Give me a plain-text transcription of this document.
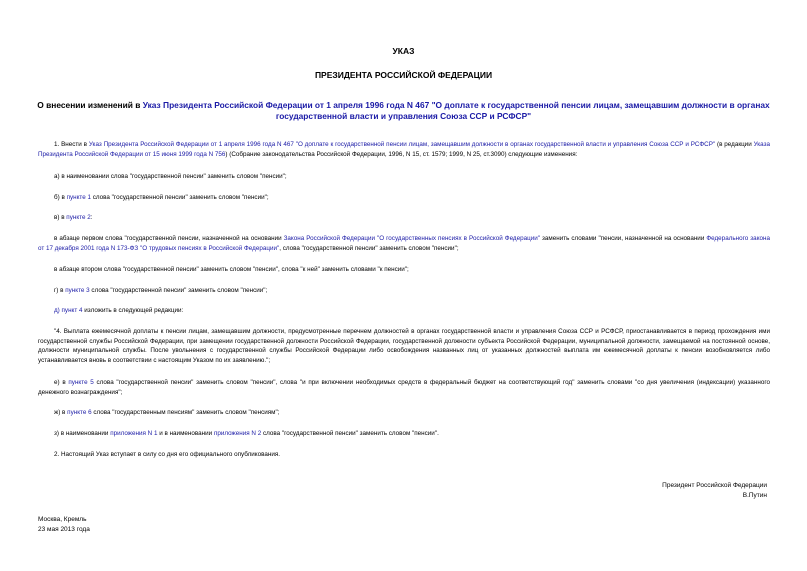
УКАЗ
ПРЕЗИДЕНТА РОССИЙСКОЙ ФЕДЕРАЦИИ
О внесении изменений в Указ Президента Российской Федерации от 1 апреля 1996 года N 467 "О доплате к государственной пенсии лицам, замещавшим должности в органах государственной власти и управления Союза ССР и РСФСР"
1. Внести в Указ Президента Российской Федерации от 1 апреля 1996 года N 467 "О доплате к государственной пенсии лицам, замещавшим должности в органах государственной власти и управления Союза ССР и РСФСР" (в редакции Указа Президента Российской Федерации от 15 июня 1999 года N 756) (Собрание законодательства Российской Федерации, 1996, N 15, ст. 1579; 1999, N 25, ст.3090) следующие изменения:
а) в наименовании слова "государственной пенсии" заменить словом "пенсии";
б) в пункте 1 слова "государственной пенсии" заменить словом "пенсии";
в) в пункте 2:
в абзаце первом слова "государственной пенсии, назначенной на основании Закона Российской Федерации "О государственных пенсиях в Российской Федерации" заменить словами "пенсии, назначенной на основании Федерального закона от 17 декабря 2001 года N 173-ФЗ "О трудовых пенсиях в Российской Федерации", слова "государственной пенсии" заменить словом "пенсии";
в абзаце втором слова "государственной пенсии" заменить словом "пенсии", слова "к ней" заменить словами "к пенсии";
г) в пункте 3 слова "государственной пенсии" заменить словом "пенсии";
д) пункт 4 изложить в следующей редакции:
"4. Выплата ежемесячной доплаты к пенсии лицам, замещавшим должности, предусмотренные перечнем должностей в органах государственной власти и управления Союза ССР и РСФСР, приостанавливается в период прохождения ими государственной службы Российской Федерации, при замещении государственной должности Российской Федерации, государственной должности субъекта Российской Федерации, муниципальной должности, замещаемой на постоянной основе, должности муниципальной службы. После увольнения с государственной службы Российской Федерации либо освобождения названных лиц от указанных должностей выплата им ежемесячной доплаты к пенсии возобновляется либо устанавливается вновь в соответствии с настоящим Указом по их заявлению.";
е) в пункте 5 слова "государственной пенсии" заменить словом "пенсии", слова "и при включении необходимых средств в федеральный бюджет на соответствующий год" заменить словами "со дня увеличения (индексации) указанного денежного вознаграждения";
ж) в пункте 6 слова "государственным пенсиям" заменить словом "пенсиям";
з) в наименовании приложения N 1 и в наименовании приложения N 2 слова "государственной пенсии" заменить словом "пенсии".
2. Настоящий Указ вступает в силу со дня его официального опубликования.
Президент Российской Федерации
В.Путин
Москва, Кремль
23 мая 2013 года
